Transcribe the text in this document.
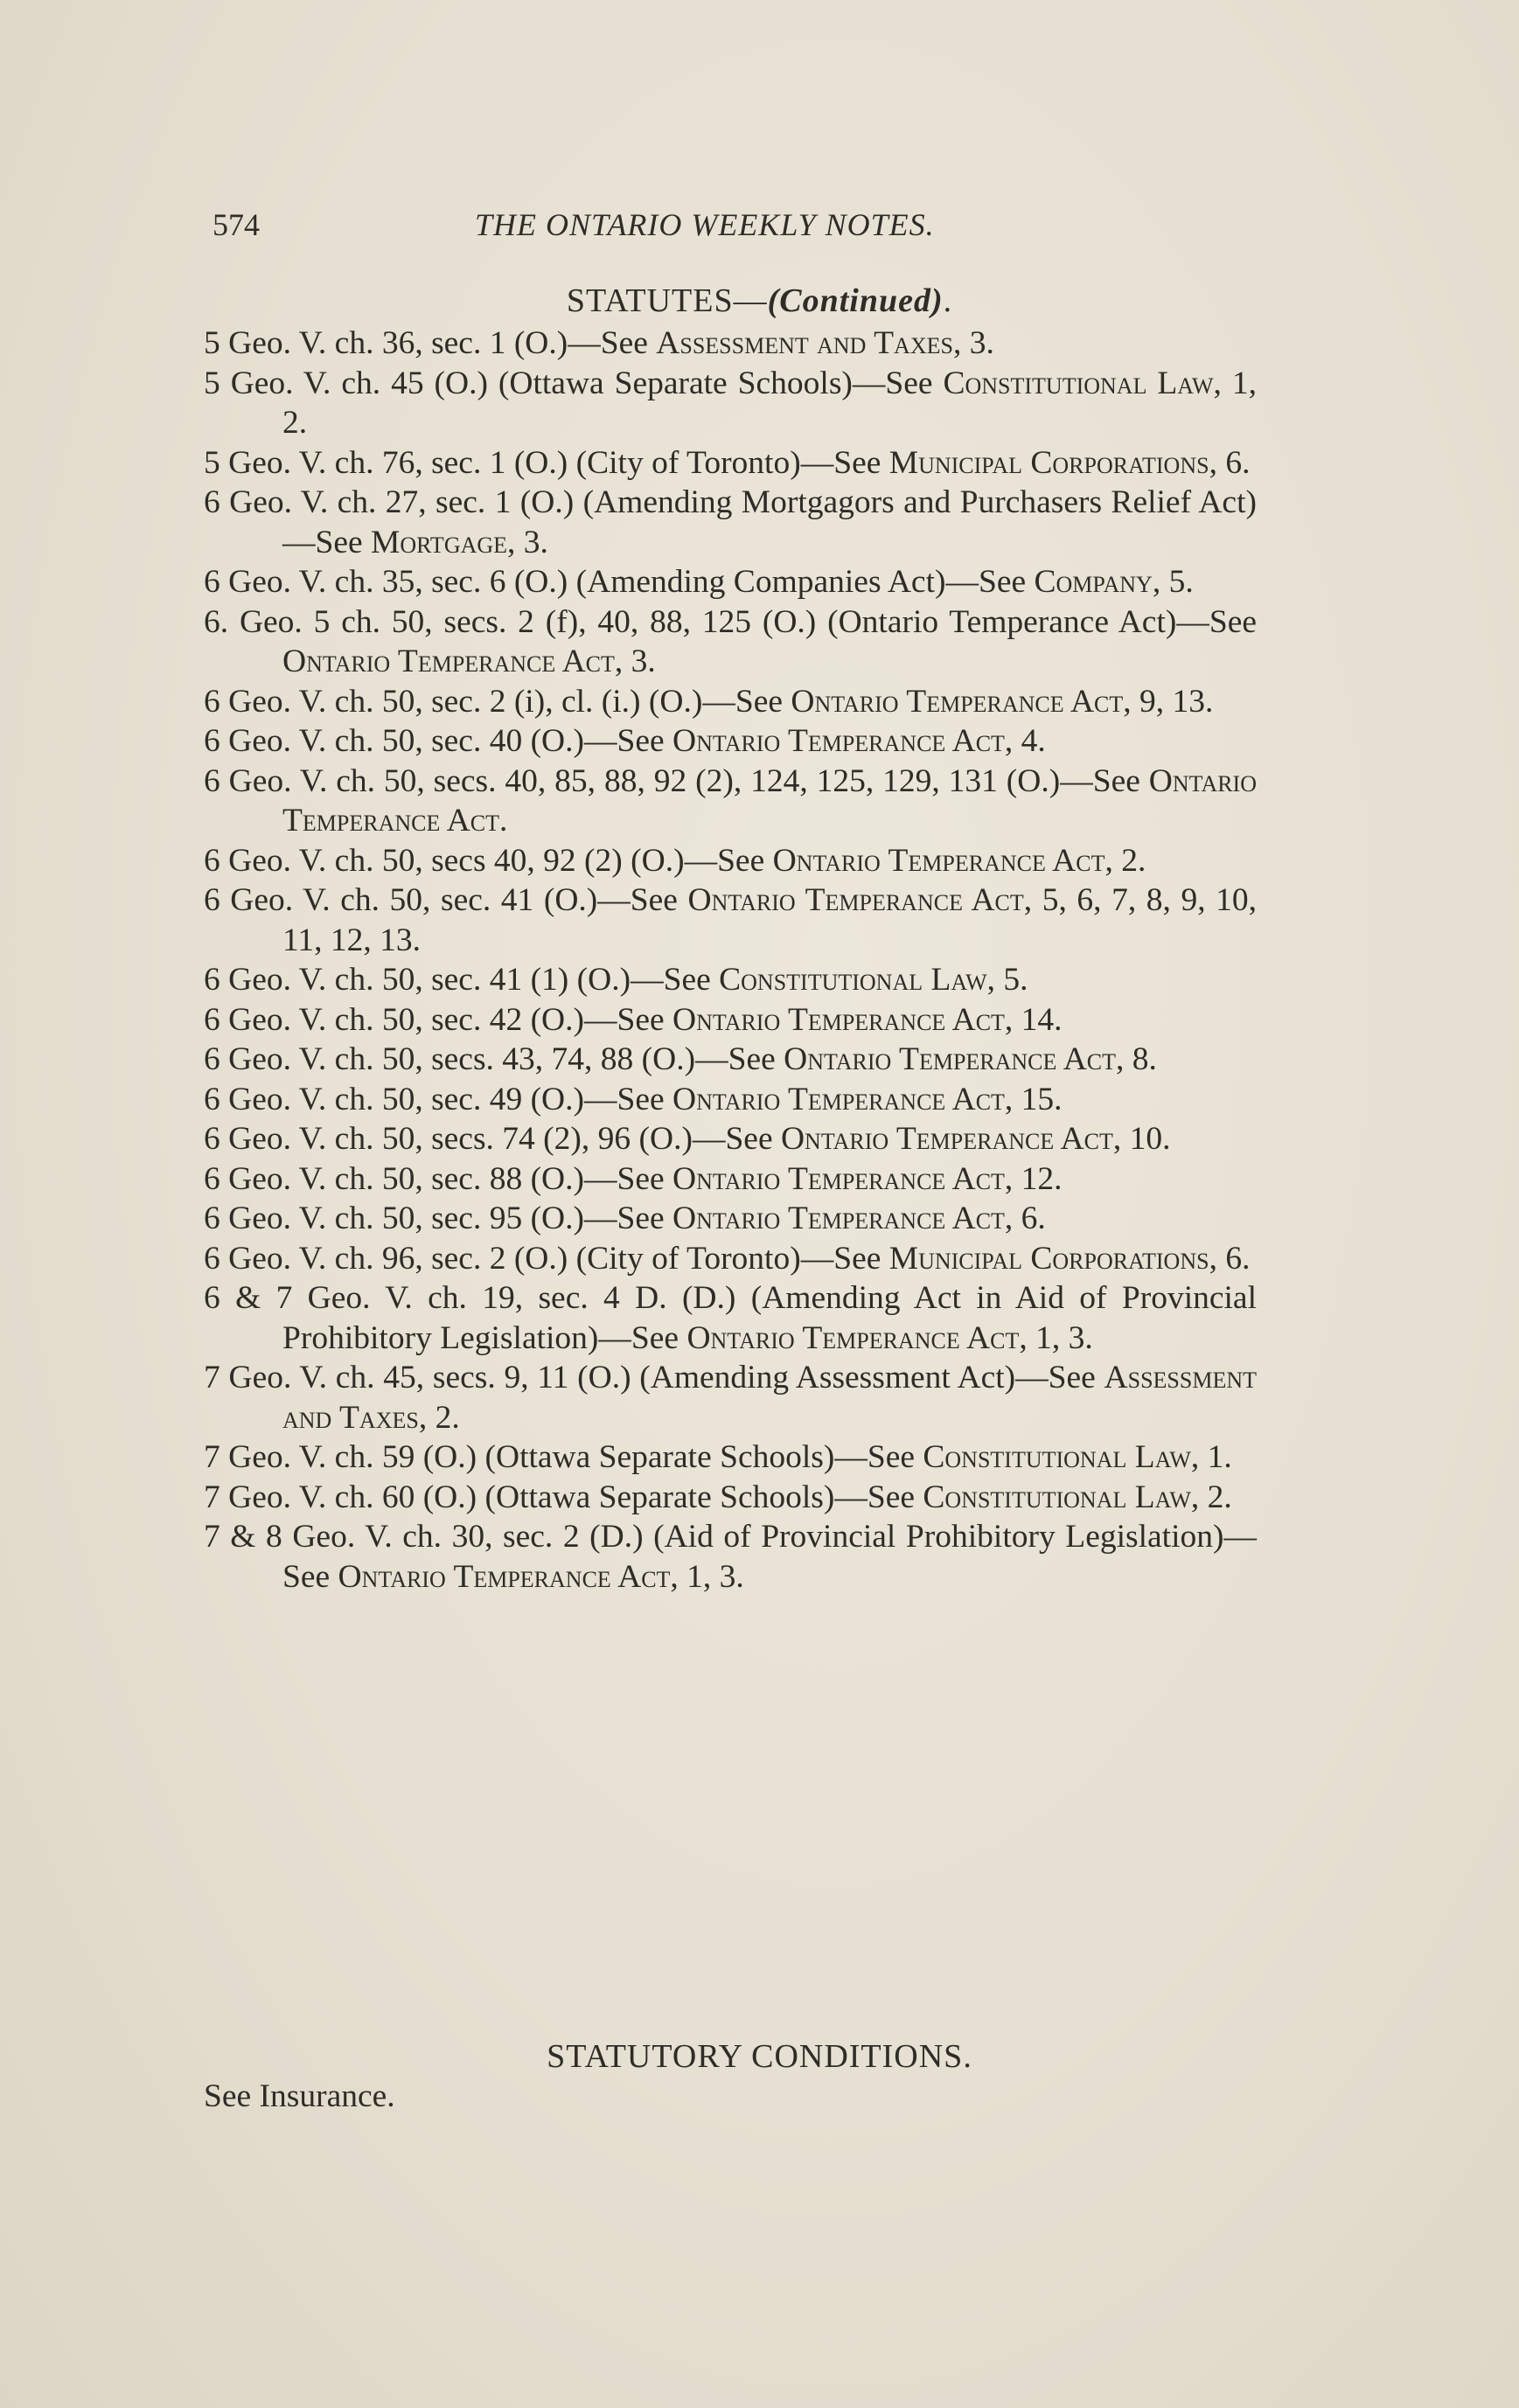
574	THE ONTARIO WEEKLY NOTES.
STATUTES—(Continued).
5 Geo. V. ch. 36, sec. 1 (O.)—See Assessment and Taxes, 3.
5 Geo. V. ch. 45 (O.) (Ottawa Separate Schools)—See Constitutional Law, 1, 2.
5 Geo. V. ch. 76, sec. 1 (O.) (City of Toronto)—See Municipal Corporations, 6.
6 Geo. V. ch. 27, sec. 1 (O.) (Amending Mortgagors and Purchasers Relief Act)—See Mortgage, 3.
6 Geo. V. ch. 35, sec. 6 (O.) (Amending Companies Act)—See Company, 5.
6. Geo. 5 ch. 50, secs. 2 (f), 40, 88, 125 (O.) (Ontario Temperance Act)—See Ontario Temperance Act, 3.
6 Geo. V. ch. 50, sec. 2 (i), cl. (i.) (O.)—See Ontario Temperance Act, 9, 13.
6 Geo. V. ch. 50, sec. 40 (O.)—See Ontario Temperance Act, 4.
6 Geo. V. ch. 50, secs. 40, 85, 88, 92 (2), 124, 125, 129, 131 (O.)—See Ontario Temperance Act.
6 Geo. V. ch. 50, secs 40, 92 (2) (O.)—See Ontario Temperance Act, 2.
6 Geo. V. ch. 50, sec. 41 (O.)—See Ontario Temperance Act, 5, 6, 7, 8, 9, 10, 11, 12, 13.
6 Geo. V. ch. 50, sec. 41 (1) (O.)—See Constitutional Law, 5.
6 Geo. V. ch. 50, sec. 42 (O.)—See Ontario Temperance Act, 14.
6 Geo. V. ch. 50, secs. 43, 74, 88 (O.)—See Ontario Temperance Act, 8.
6 Geo. V. ch. 50, sec. 49 (O.)—See Ontario Temperance Act, 15.
6 Geo. V. ch. 50, secs. 74 (2), 96 (O.)—See Ontario Temperance Act, 10.
6 Geo. V. ch. 50, sec. 88 (O.)—See Ontario Temperance Act, 12.
6 Geo. V. ch. 50, sec. 95 (O.)—See Ontario Temperance Act, 6.
6 Geo. V. ch. 96, sec. 2 (O.) (City of Toronto)—See Municipal Corporations, 6.
6 & 7 Geo. V. ch. 19, sec. 4 D. (D.) (Amending Act in Aid of Provincial Prohibitory Legislation)—See Ontario Temperance Act, 1, 3.
7 Geo. V. ch. 45, secs. 9, 11 (O.) (Amending Assessment Act)—See Assessment and Taxes, 2.
7 Geo. V. ch. 59 (O.) (Ottawa Separate Schools)—See Constitutional Law, 1.
7 Geo. V. ch. 60 (O.) (Ottawa Separate Schools)—See Constitutional Law, 2.
7 & 8 Geo. V. ch. 30, sec. 2 (D.) (Aid of Provincial Prohibitory Legislation)—See Ontario Temperance Act, 1, 3.
STATUTORY CONDITIONS.
See Insurance.
